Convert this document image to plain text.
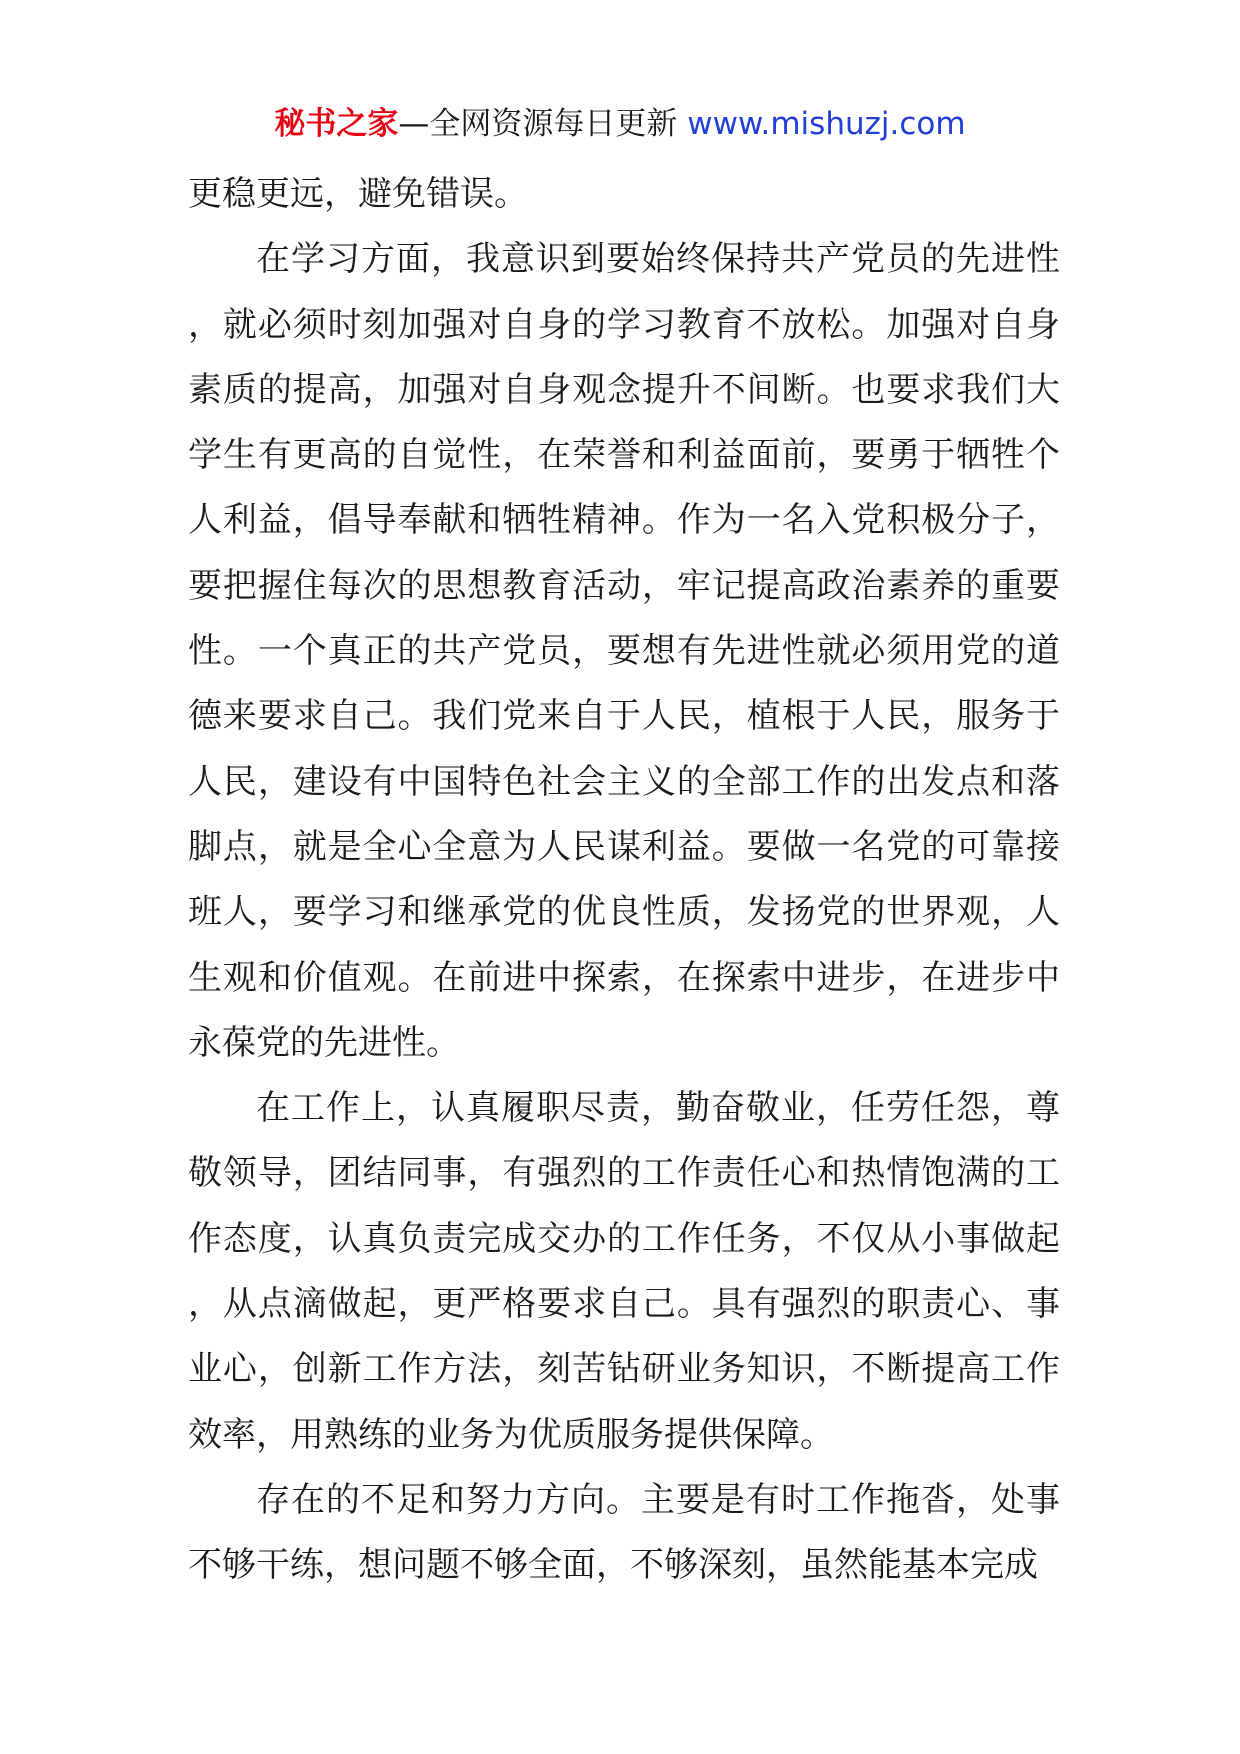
秘书之家—全网资源每日更新 www.mishuzj.com

更稳更远，避免错误。

在学习方面，我意识到要始终保持共产党员的先进性，就必须时刻加强对自身的学习教育不放松。加强对自身素质的提高，加强对自身观念提升不间断。也要求我们大学生有更高的自觉性，在荣誉和利益面前，要勇于牺牲个人利益，倡导奉献和牺牲精神。作为一名入党积极分子，要把握住每次的思想教育活动，牢记提高政治素养的重要性。一个真正的共产党员，要想有先进性就必须用党的道德来要求自己。我们党来自于人民，植根于人民，服务于人民，建设有中国特色社会主义的全部工作的出发点和落脚点，就是全心全意为人民谋利益。要做一名党的可靠接班人，要学习和继承党的优良性质，发扬党的世界观，人生观和价值观。在前进中探索，在探索中进步，在进步中永葆党的先进性。

在工作上，认真履职尽责，勤奋敬业，任劳任怨，尊敬领导，团结同事，有强烈的工作责任心和热情饱满的工作态度，认真负责完成交办的工作任务，不仅从小事做起，从点滴做起，更严格要求自己。具有强烈的职责心、事业心，创新工作方法，刻苦钻研业务知识，不断提高工作效率，用熟练的业务为优质服务提供保障。

存在的不足和努力方向。主要是有时工作拖沓，处事不够干练，想问题不够全面，不够深刻，虽然能基本完成
